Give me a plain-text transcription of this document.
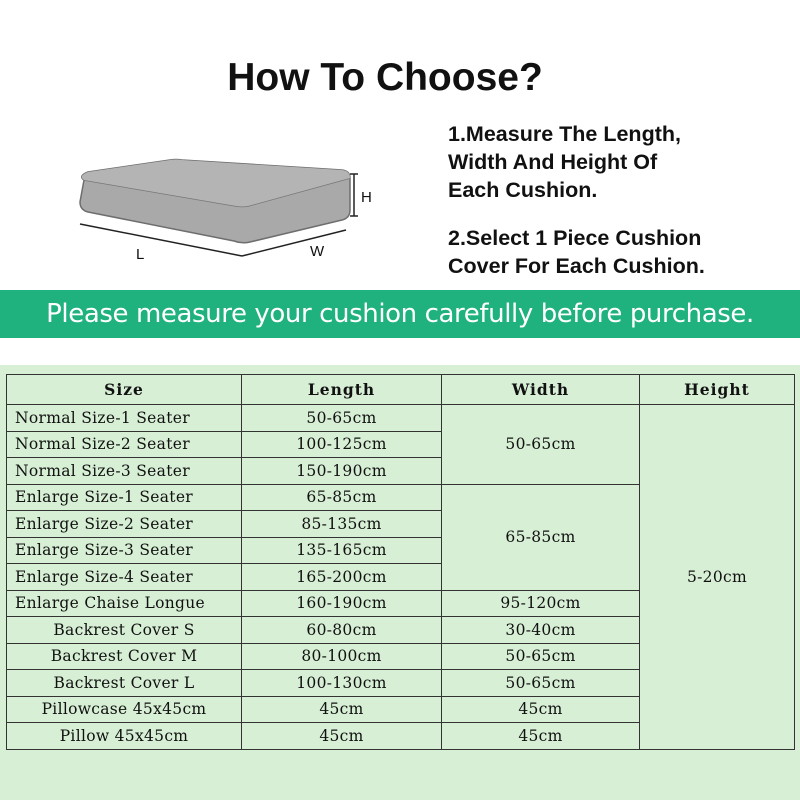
How To Choose?
L	W
H
1.Measure The Length,
Width And Height Of
Each Cushion.
2.Select 1 Piece Cushion
Cover For Each Cushion.
Please measure your cushion carefully before purchase.
Size	Length	Width	Height
Normal Size-1 Seater	50-65cm	50-65cm	5-20cm
Normal Size-2 Seater	100-125cm		
Normal Size-3 Seater	150-190cm		
Enlarge Size-1 Seater	65-85cm	65-85cm	
Enlarge Size-2 Seater	85-135cm		
Enlarge Size-3 Seater	135-165cm		
Enlarge Size-4 Seater	165-200cm		
Enlarge Chaise Longue	160-190cm	95-120cm	
Backrest Cover S	60-80cm	30-40cm	
Backrest Cover M	80-100cm	50-65cm	
Backrest Cover L	100-130cm	50-65cm	
Pillowcase 45x45cm	45cm	45cm	
Pillow 45x45cm	45cm	45cm	
